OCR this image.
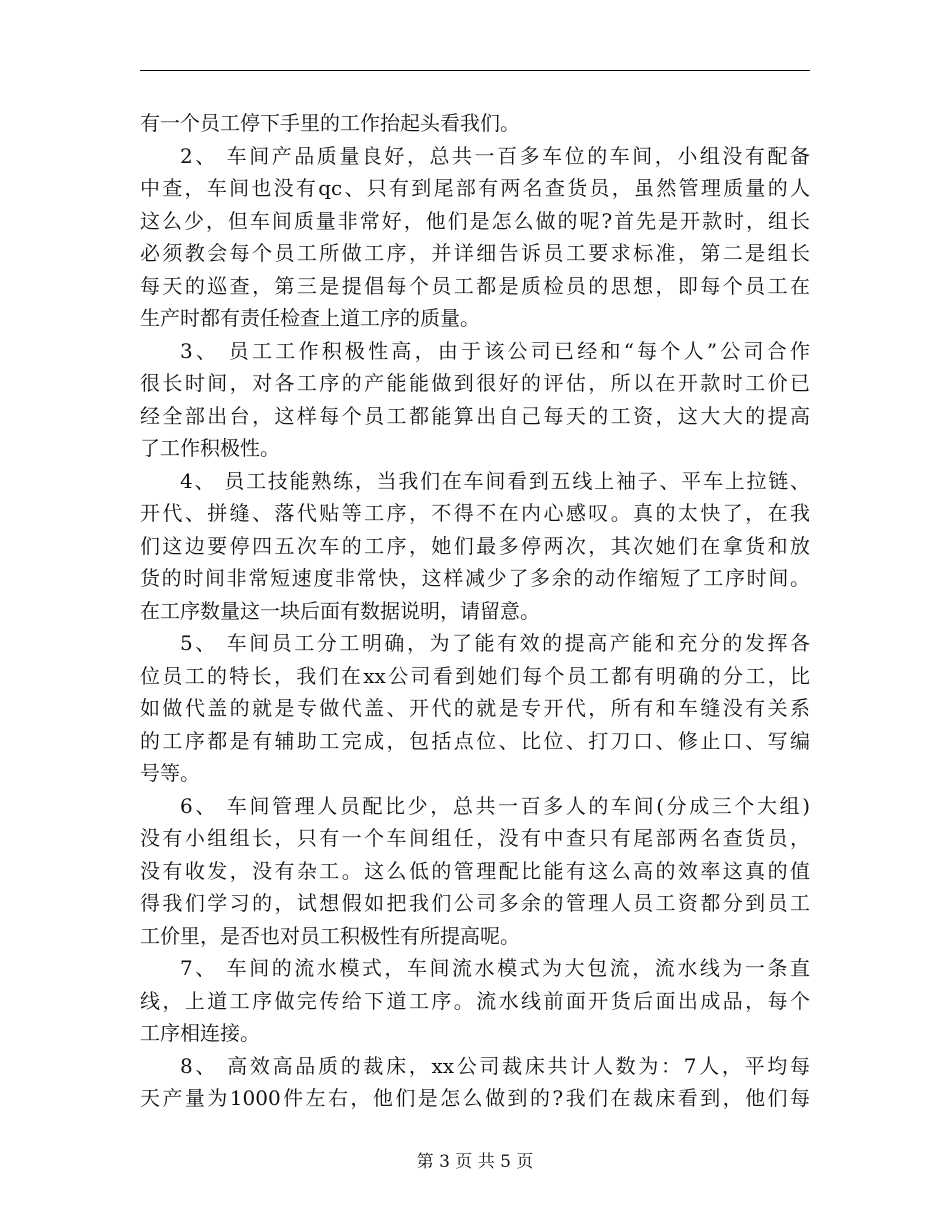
有一个员工停下手里的工作抬起头看我们。
2、 车间产品质量良好，总共一百多车位的车间，小组没有配备
中查，车间也没有qc、只有到尾部有两名查货员，虽然管理质量的人
这么少，但车间质量非常好，他们是怎么做的呢?首先是开款时，组长
必须教会每个员工所做工序，并详细告诉员工要求标准，第二是组长
每天的巡查，第三是提倡每个员工都是质检员的思想，即每个员工在
生产时都有责任检查上道工序的质量。
3、 员工工作积极性高，由于该公司已经和“每个人”公司合作
很长时间，对各工序的产能能做到很好的评估，所以在开款时工价已
经全部出台，这样每个员工都能算出自己每天的工资，这大大的提高
了工作积极性。
4、 员工技能熟练，当我们在车间看到五线上袖子、平车上拉链、
开代、拼缝、落代贴等工序，不得不在内心感叹。真的太快了，在我
们这边要停四五次车的工序，她们最多停两次，其次她们在拿货和放
货的时间非常短速度非常快，这样减少了多余的动作缩短了工序时间。
在工序数量这一块后面有数据说明，请留意。
5、 车间员工分工明确，为了能有效的提高产能和充分的发挥各
位员工的特长，我们在xx公司看到她们每个员工都有明确的分工，比
如做代盖的就是专做代盖、开代的就是专开代，所有和车缝没有关系
的工序都是有辅助工完成，包括点位、比位、打刀口、修止口、写编
号等。
6、 车间管理人员配比少，总共一百多人的车间(分成三个大组)
没有小组组长，只有一个车间组任，没有中查只有尾部两名查货员，
没有收发，没有杂工。这么低的管理配比能有这么高的效率这真的值
得我们学习的，试想假如把我们公司多余的管理人员工资都分到员工
工价里，是否也对员工积极性有所提高呢。
7、 车间的流水模式，车间流水模式为大包流，流水线为一条直
线，上道工序做完传给下道工序。流水线前面开货后面出成品，每个
工序相连接。
8、 高效高品质的裁床，xx公司裁床共计人数为：7人，平均每
天产量为1000件左右，他们是怎么做到的?我们在裁床看到，他们每
第 3 页 共 5 页
